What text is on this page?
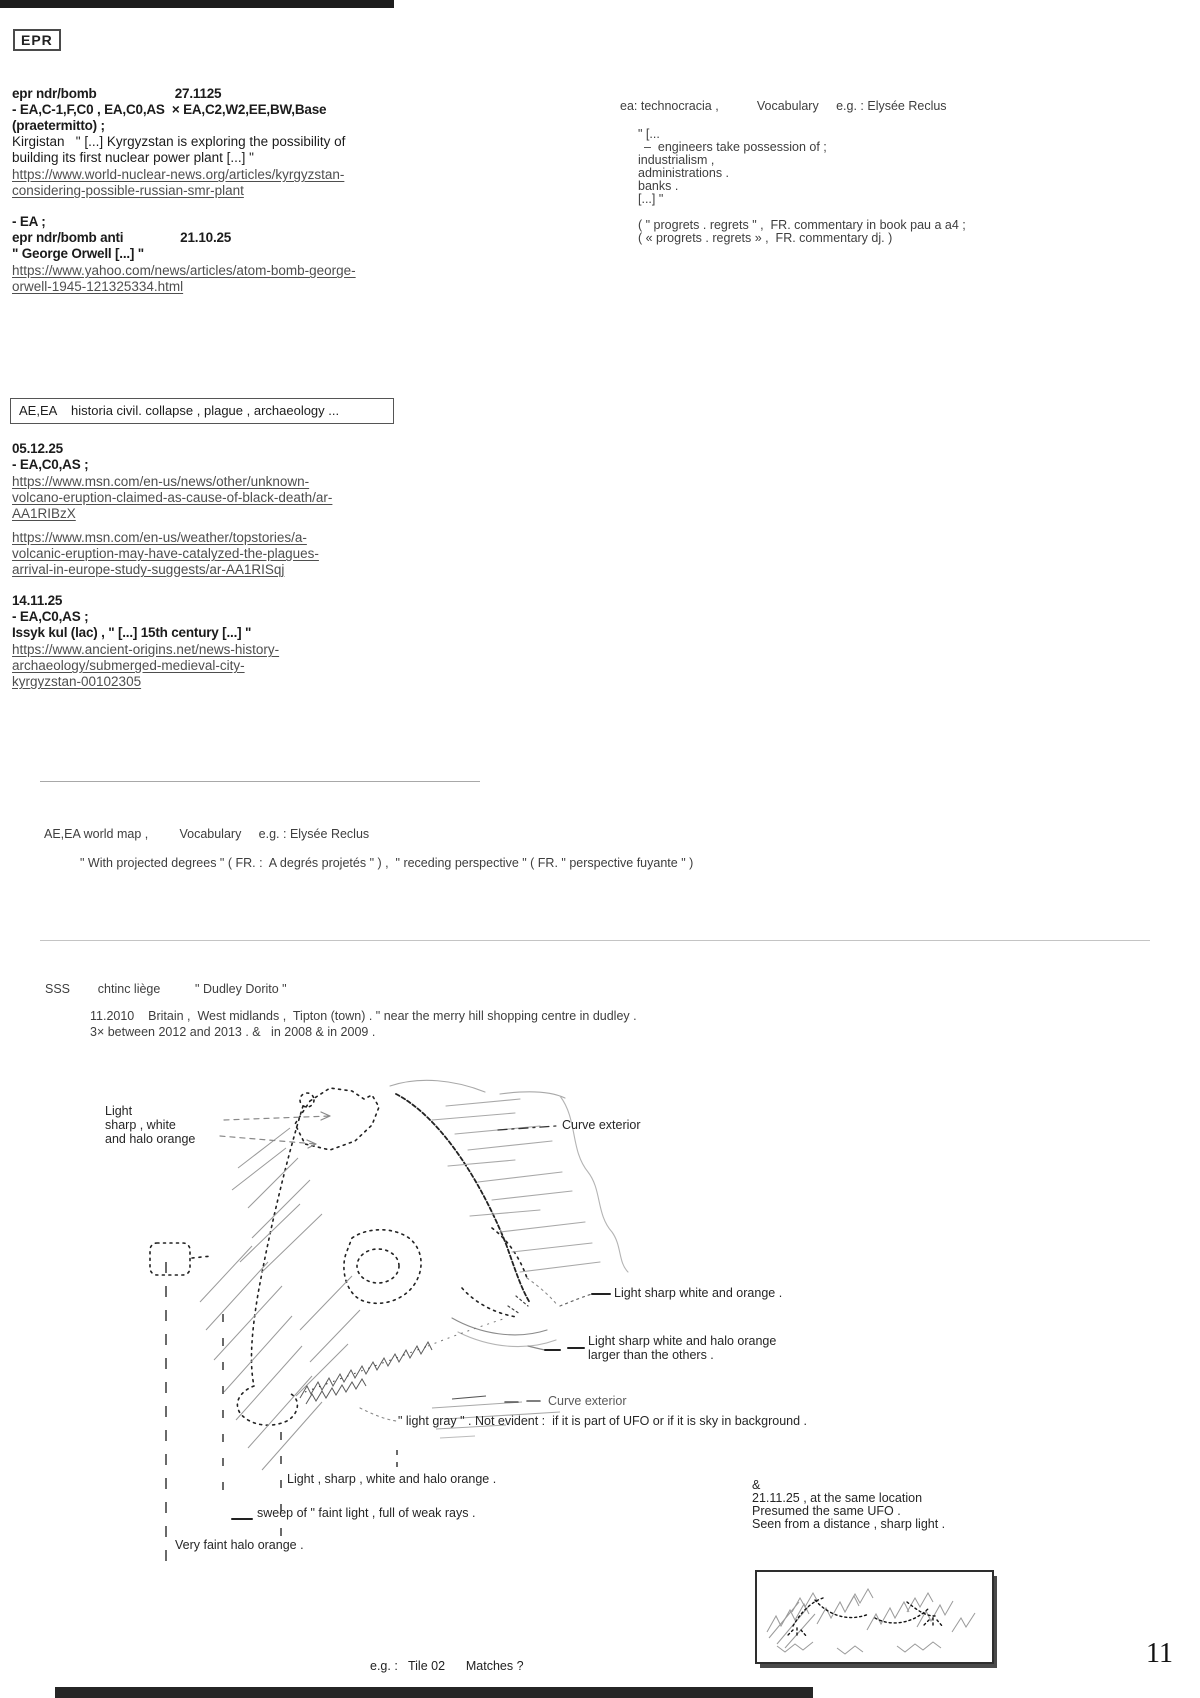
EPR
epr ndr/bomb                      27.1125
- EA,C-1,F,C0 , EA,C0,AS  × EA,C2,W2,EE,BW,Base
(praetermitto) ;
Kirgistan   " [...] Kyrgyzstan is exploring the possibility of
building its first nuclear power plant [...] "
https://www.world-nuclear-news.org/articles/kyrgyzstan-
considering-possible-russian-smr-plant
- EA ;
epr ndr/bomb anti                21.10.25
" George Orwell [...] "
https://www.yahoo.com/news/articles/atom-bomb-george-
orwell-1945-121325334.html
ea: technocracia ,           Vocabulary     e.g. : Elysée Reclus
" [...
–  engineers take possession of ;
industrialism ,
administrations .
banks .
[...] "
( " progrets . regrets " ,  FR. commentary in book pau a a4 ;
( « progrets . regrets » ,  FR. commentary dj. )
AE,EA    historia civil. collapse , plague , archaeology ...
05.12.25
- EA,C0,AS ;
https://www.msn.com/en-us/news/other/unknown-
volcano-eruption-claimed-as-cause-of-black-death/ar-
AA1RIBzX
https://www.msn.com/en-us/weather/topstories/a-
volcanic-eruption-may-have-catalyzed-the-plagues-
arrival-in-europe-study-suggests/ar-AA1RISqj
14.11.25
- EA,C0,AS ;
Issyk kul (lac) , " [...] 15th century [...] "
https://www.ancient-origins.net/news-history-
archaeology/submerged-medieval-city-
kyrgyzstan-00102305
AE,EA world map ,         Vocabulary     e.g. : Elysée Reclus
" With projected degrees " ( FR. :  A degrés projetés " ) ,  " receding perspective " ( FR. " perspective fuyante " )
SSS        chtinc liège          " Dudley Dorito "
11.2010    Britain ,  West midlands ,  Tipton (town) . " near the merry hill shopping centre in dudley .
3× between 2012 and 2013 . &   in 2008 & in 2009 .
Light
sharp , white
and halo orange
Curve exterior
Light sharp white and orange .
Light sharp white and halo orange
larger than the others .
Curve exterior
" light gray " . Not evident :  if it is part of UFO or if it is sky in background .
Light , sharp , white and halo orange .
sweep of " faint light , full of weak rays .
Very faint halo orange .
&
21.11.25 , at the same location
Presumed the same UFO .
Seen from a distance , sharp light .
e.g. :   Tile 02      Matches ?	11
